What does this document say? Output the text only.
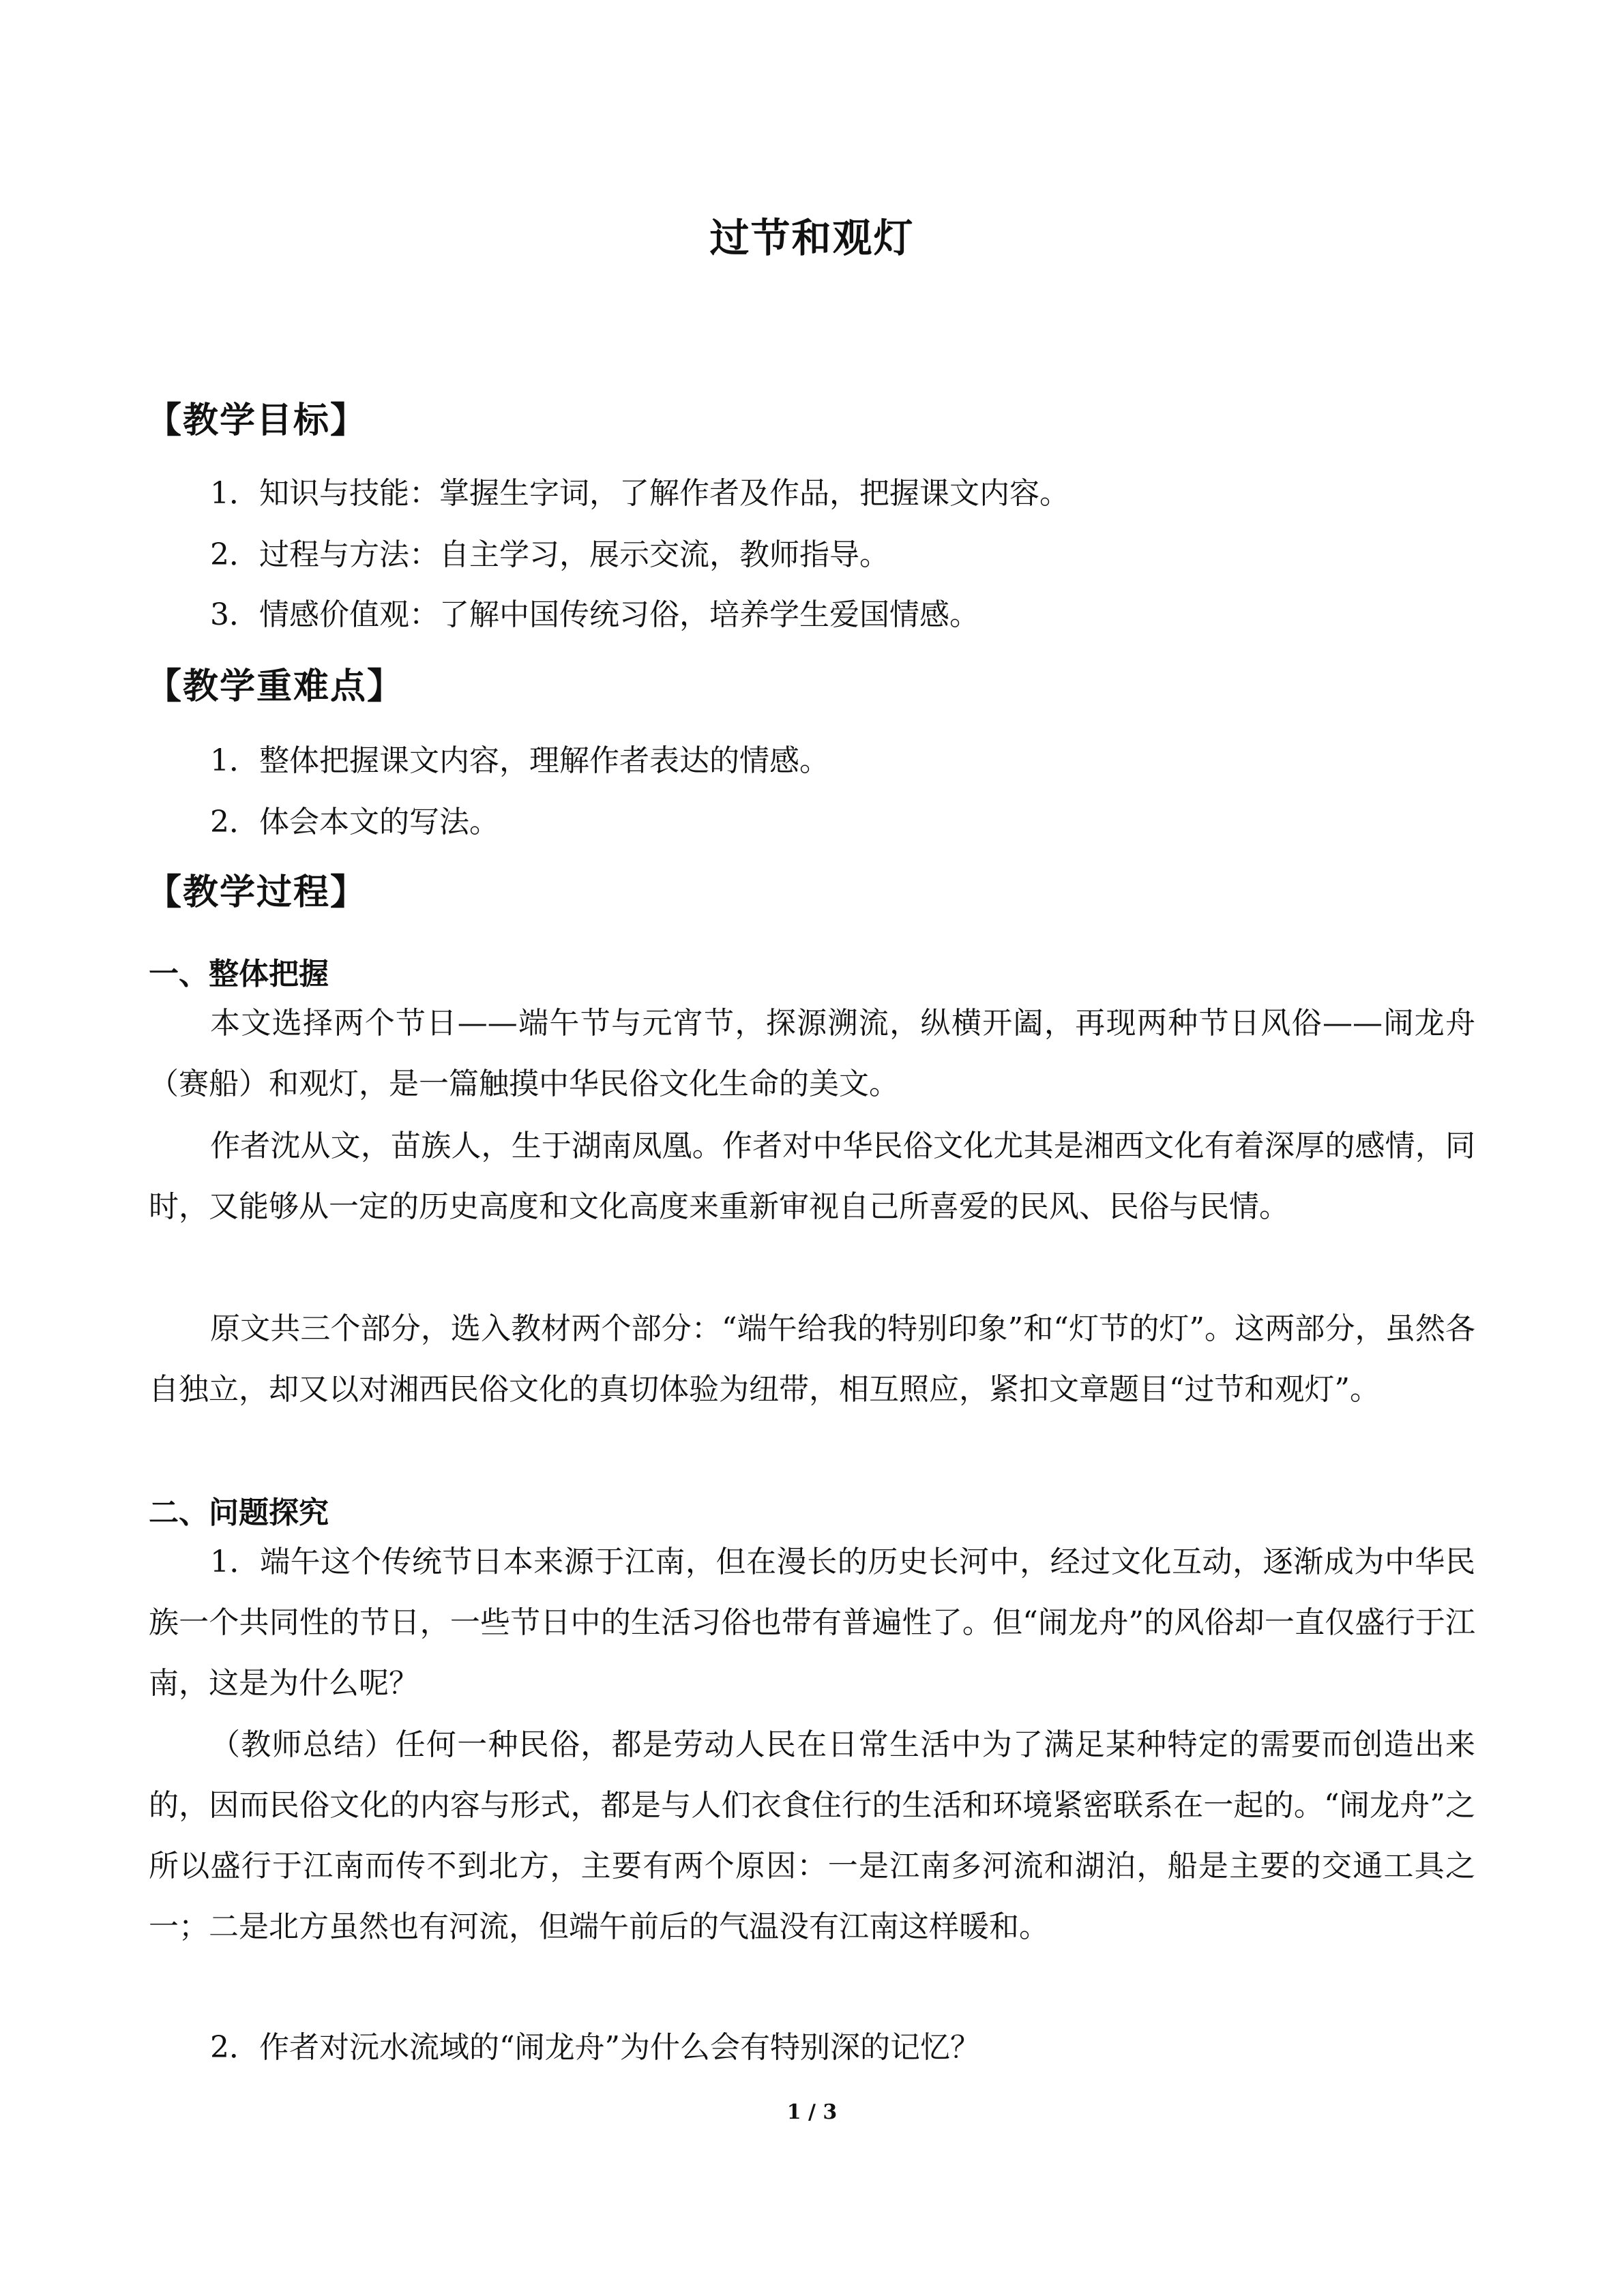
过节和观灯
【教学目标】
1．知识与技能：掌握生字词，了解作者及作品，把握课文内容。
2．过程与方法：自主学习，展示交流，教师指导。
3．情感价值观：了解中国传统习俗，培养学生爱国情感。
【教学重难点】
1．整体把握课文内容，理解作者表达的情感。
2．体会本文的写法。
【教学过程】
一、整体把握

本文选择两个节日——端午节与元宵节，探源溯流，纵横开阖，再现两种节日风俗——闹龙舟（赛船）和观灯，是一篇触摸中华民俗文化生命的美文。

作者沈从文，苗族人，生于湖南凤凰。作者对中华民俗文化尤其是湘西文化有着深厚的感情，同时，又能够从一定的历史高度和文化高度来重新审视自己所喜爱的民风、民俗与民情。

原文共三个部分，选入教材两个部分：“端午给我的特别印象”和“灯节的灯”。这两部分，虽然各自独立，却又以对湘西民俗文化的真切体验为纽带，相互照应，紧扣文章题目“过节和观灯”。

二、问题探究

1．端午这个传统节日本来源于江南，但在漫长的历史长河中，经过文化互动，逐渐成为中华民族一个共同性的节日，一些节日中的生活习俗也带有普遍性了。但“闹龙舟”的风俗却一直仅盛行于江南，这是为什么呢？

（教师总结）任何一种民俗，都是劳动人民在日常生活中为了满足某种特定的需要而创造出来的，因而民俗文化的内容与形式，都是与人们衣食住行的生活和环境紧密联系在一起的。“闹龙舟”之所以盛行于江南而传不到北方，主要有两个原因：一是江南多河流和湖泊，船是主要的交通工具之一；二是北方虽然也有河流，但端午前后的气温没有江南这样暖和。

2．作者对沅水流域的“闹龙舟”为什么会有特别深的记忆？

1 / 3
